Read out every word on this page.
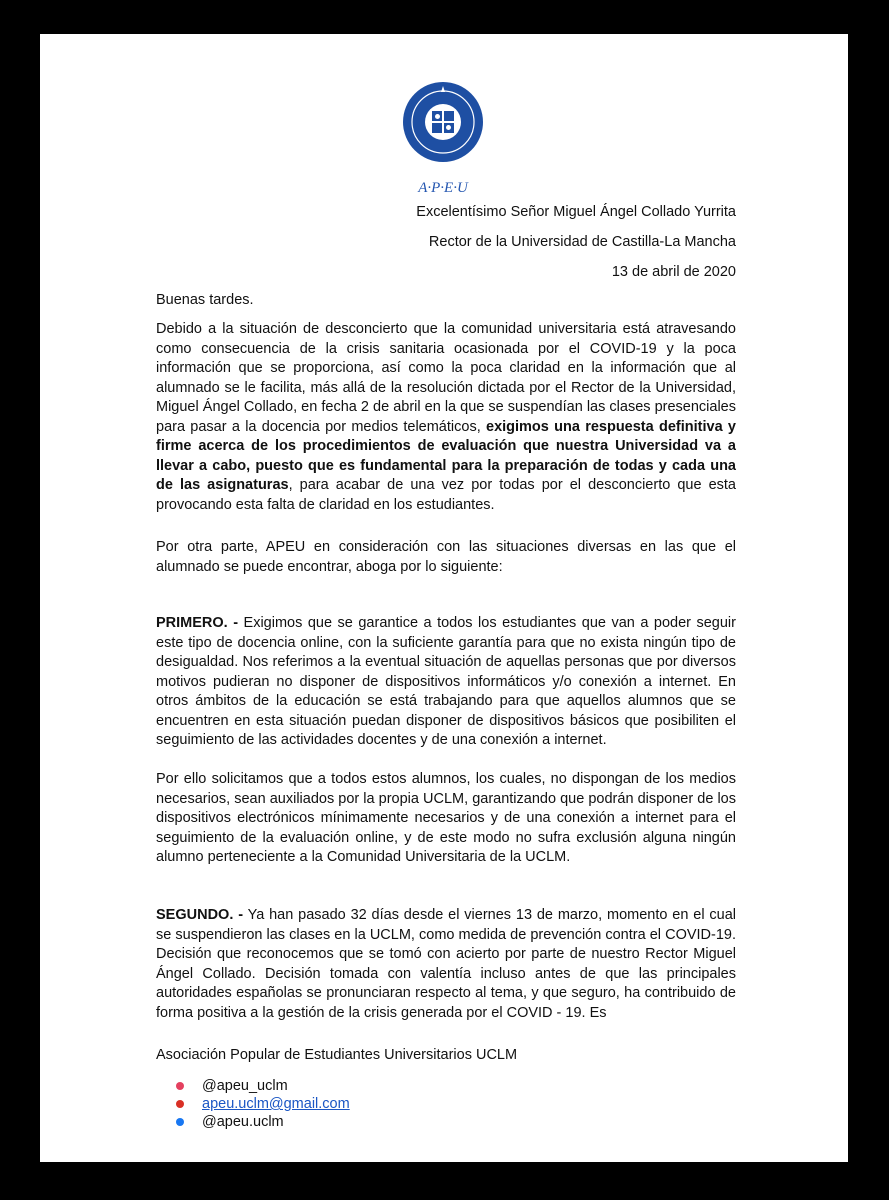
A·P·E·U
Excelentísimo Señor Miguel Ángel Collado Yurrita
Rector de la Universidad de Castilla-La Mancha
13 de abril de 2020

Buenas tardes.

Debido a la situación de desconcierto que la comunidad universitaria está atravesando como consecuencia de la crisis sanitaria ocasionada por el COVID-19 y la poca información que se proporciona, así como la poca claridad en la información que al alumnado se le facilita, más allá de la resolución dictada por el Rector de la Universidad, Miguel Ángel Collado, en fecha 2 de abril en la que se suspendían las clases presenciales para pasar a la docencia por medios telemáticos, exigimos una respuesta definitiva y firme acerca de los procedimientos de evaluación que nuestra Universidad va a llevar a cabo, puesto que es fundamental para la preparación de todas y cada una de las asignaturas, para acabar de una vez por todas por el desconcierto que esta provocando esta falta de claridad en los estudiantes.

Por otra parte, APEU en consideración con las situaciones diversas en las que el alumnado se puede encontrar, aboga por lo siguiente:

PRIMERO. - Exigimos que se garantice a todos los estudiantes que van a poder seguir este tipo de docencia online, con la suficiente garantía para que no exista ningún tipo de desigualdad. Nos referimos a la eventual situación de aquellas personas que por diversos motivos pudieran no disponer de dispositivos informáticos y/o conexión a internet. En otros ámbitos de la educación se está trabajando para que aquellos alumnos que se encuentren en esta situación puedan disponer de dispositivos básicos que posibiliten el seguimiento de las actividades docentes y de una conexión a internet.

Por ello solicitamos que a todos estos alumnos, los cuales, no dispongan de los medios necesarios, sean auxiliados por la propia UCLM, garantizando que podrán disponer de los dispositivos electrónicos mínimamente necesarios y de una conexión a internet para el seguimiento de la evaluación online, y de este modo no sufra exclusión alguna ningún alumno perteneciente a la Comunidad Universitaria de la UCLM.

SEGUNDO. - Ya han pasado 32 días desde el viernes 13 de marzo, momento en el cual se suspendieron las clases en la UCLM, como medida de prevención contra el COVID-19. Decisión que reconocemos que se tomó con acierto por parte de nuestro Rector Miguel Ángel Collado. Decisión tomada con valentía incluso antes de que las principales autoridades españolas se pronunciaran respecto al tema, y que seguro, ha contribuido de forma positiva a la gestión de la crisis generada por el COVID - 19. Es

Asociación Popular de Estudiantes Universitarios UCLM
@apeu_uclm
apeu.uclm@gmail.com
@apeu.uclm
